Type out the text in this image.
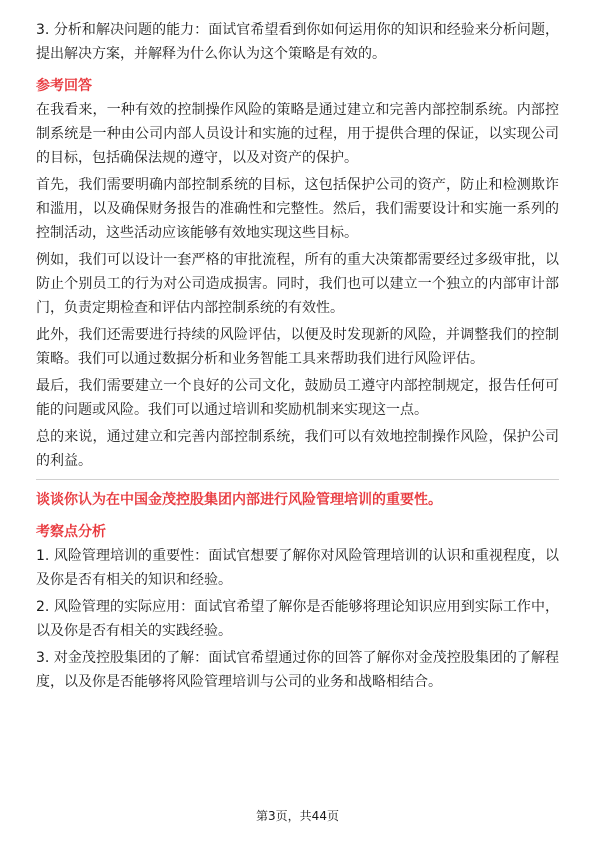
3. 分析和解决问题的能力：面试官希望看到你如何运用你的知识和经验来分析问题，提出解决方案，并解释为什么你认为这个策略是有效的。

参考回答

在我看来，一种有效的控制操作风险的策略是通过建立和完善内部控制系统。内部控制系统是一种由公司内部人员设计和实施的过程，用于提供合理的保证，以实现公司的目标，包括确保法规的遵守，以及对资产的保护。

首先，我们需要明确内部控制系统的目标，这包括保护公司的资产，防止和检测欺诈和滥用，以及确保财务报告的准确性和完整性。然后，我们需要设计和实施一系列的控制活动，这些活动应该能够有效地实现这些目标。

例如，我们可以设计一套严格的审批流程，所有的重大决策都需要经过多级审批，以防止个别员工的行为对公司造成损害。同时，我们也可以建立一个独立的内部审计部门，负责定期检查和评估内部控制系统的有效性。

此外，我们还需要进行持续的风险评估，以便及时发现新的风险，并调整我们的控制策略。我们可以通过数据分析和业务智能工具来帮助我们进行风险评估。

最后，我们需要建立一个良好的公司文化，鼓励员工遵守内部控制规定，报告任何可能的问题或风险。我们可以通过培训和奖励机制来实现这一点。

总的来说，通过建立和完善内部控制系统，我们可以有效地控制操作风险，保护公司的利益。

谈谈你认为在中国金茂控股集团内部进行风险管理培训的重要性。
考察点分析

1. 风险管理培训的重要性：面试官想要了解你对风险管理培训的认识和重视程度，以及你是否有相关的知识和经验。

2. 风险管理的实际应用：面试官希望了解你是否能够将理论知识应用到实际工作中，以及你是否有相关的实践经验。

3. 对金茂控股集团的了解：面试官希望通过你的回答了解你对金茂控股集团的了解程度，以及你是否能够将风险管理培训与公司的业务和战略相结合。

第3页，共44页
